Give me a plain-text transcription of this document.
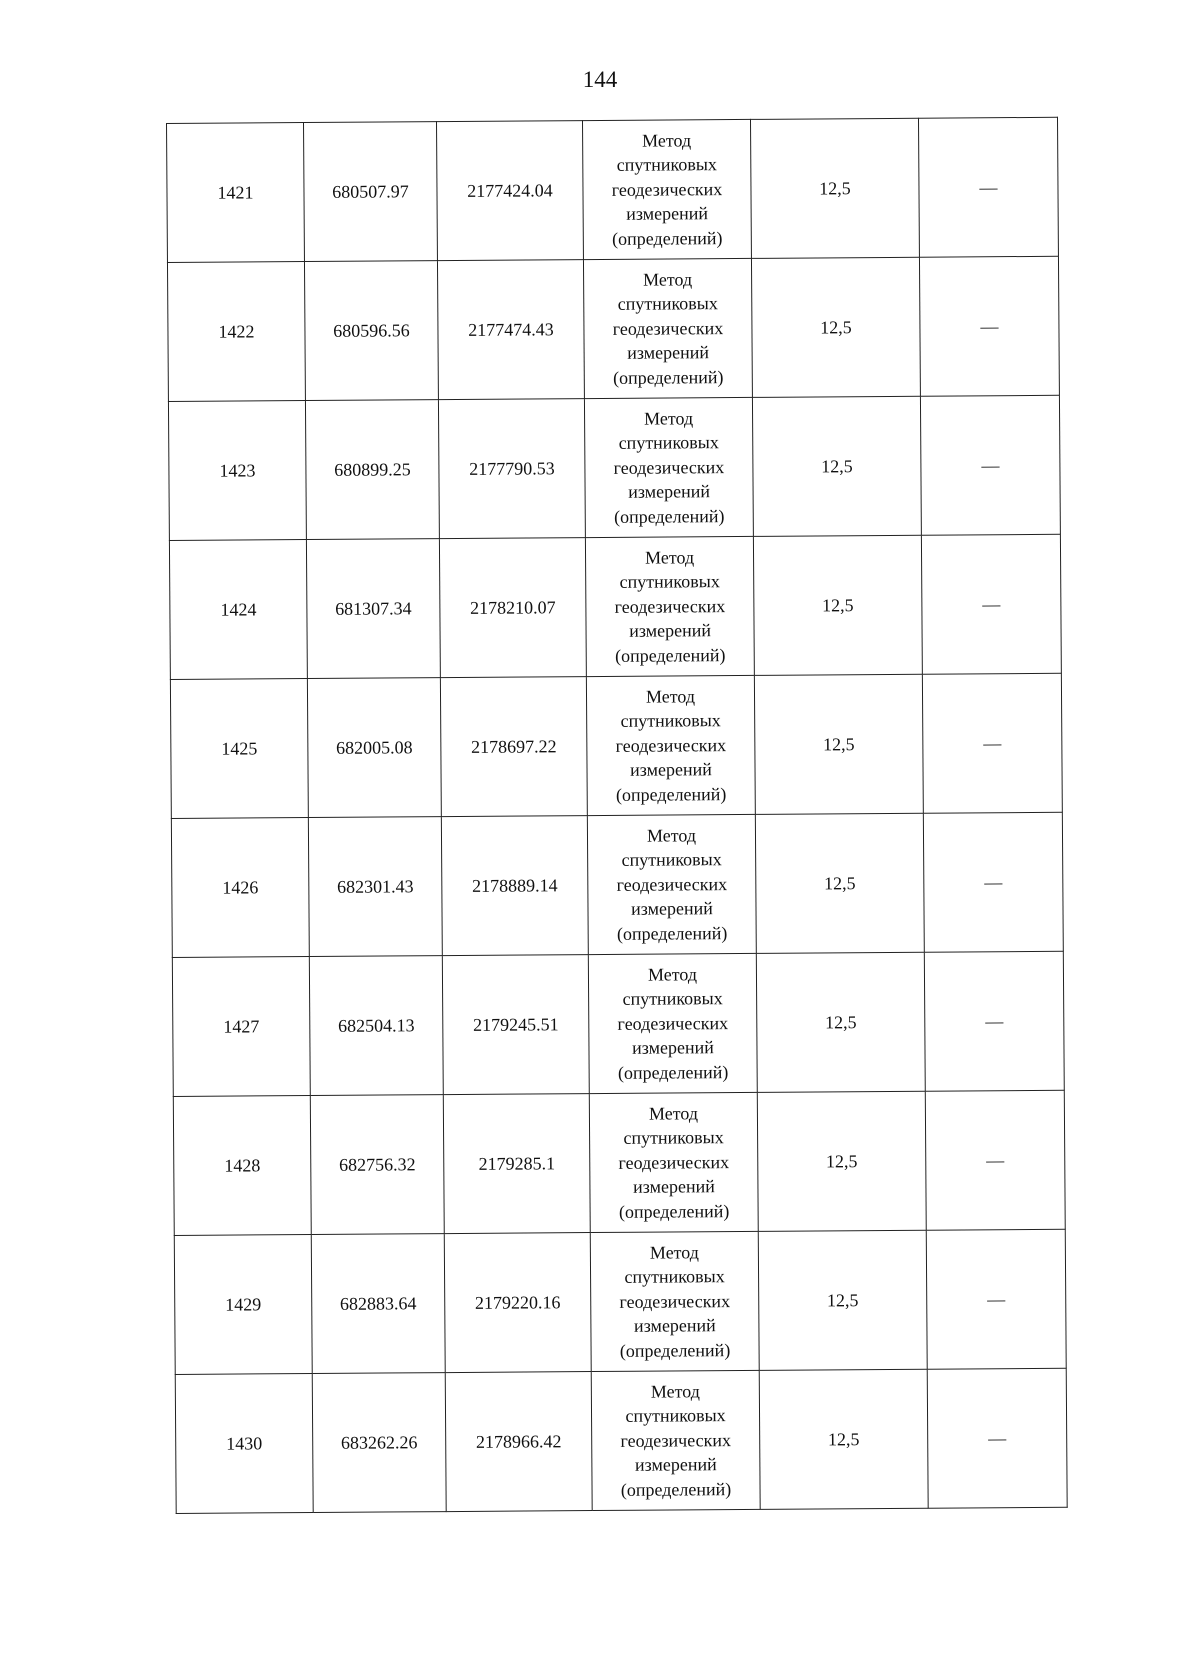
144
1421	680507.97	2177424.04	Метод
спутниковых
геодезических
измерений
(определений)	12,5	—
1422	680596.56	2177474.43	Метод
спутниковых
геодезических
измерений
(определений)	12,5	—
1423	680899.25	2177790.53	Метод
спутниковых
геодезических
измерений
(определений)	12,5	—
1424	681307.34	2178210.07	Метод
спутниковых
геодезических
измерений
(определений)	12,5	—
1425	682005.08	2178697.22	Метод
спутниковых
геодезических
измерений
(определений)	12,5	—
1426	682301.43	2178889.14	Метод
спутниковых
геодезических
измерений
(определений)	12,5	—
1427	682504.13	2179245.51	Метод
спутниковых
геодезических
измерений
(определений)	12,5	—
1428	682756.32	2179285.1	Метод
спутниковых
геодезических
измерений
(определений)	12,5	—
1429	682883.64	2179220.16	Метод
спутниковых
геодезических
измерений
(определений)	12,5	—
1430	683262.26	2178966.42	Метод
спутниковых
геодезических
измерений
(определений)	12,5	—
